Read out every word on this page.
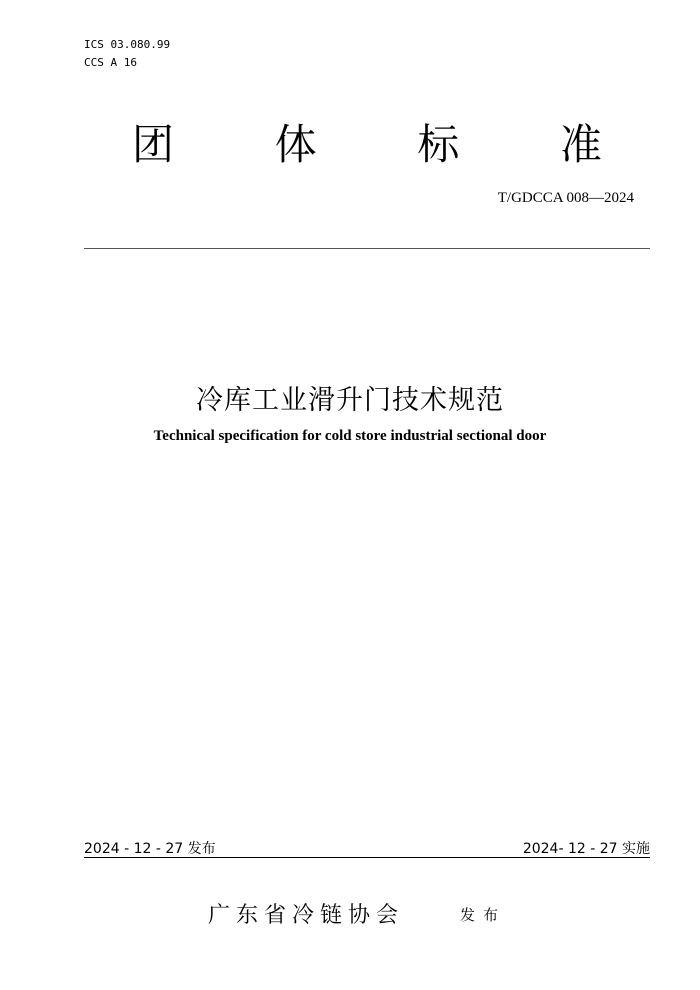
ICS 03.080.99
CCS A 16
团 体 标 准
T/GDCCA 008—2024
冷库工业滑升门技术规范
Technical specification for cold store industrial sectional door
2024 - 12 - 27 发布	2024- 12 - 27 实施
广东省冷链协会	发布
